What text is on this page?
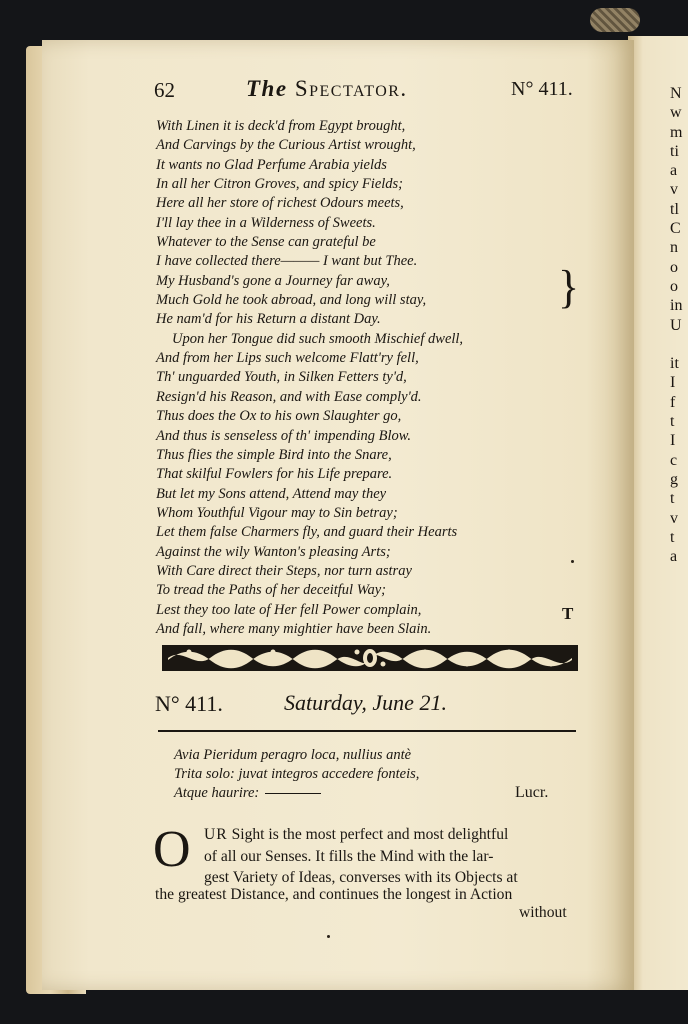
N
w
m
ti
a
v
tl
C
n
o
o
in
U
it
I
f
t
I
c
g
t
v
t
a
62	The Spectator.	N° 411.
With Linen it is deck'd from Egypt brought,
And Carvings by the Curious Artist wrought,
It wants no Glad Perfume Arabia yields
In all her Citron Groves, and spicy Fields;
Here all her store of richest Odours meets,
I'll lay thee in a Wilderness of Sweets.
Whatever to the Sense can grateful be
I have collected there——— I want but Thee.
My Husband's gone a Journey far away,
Much Gold he took abroad, and long will stay,
He nam'd for his Return a distant Day.
Upon her Tongue did such smooth Mischief dwell,
And from her Lips such welcome Flatt'ry fell,
Th' unguarded Youth, in Silken Fetters ty'd,
Resign'd his Reason, and with Ease comply'd.
Thus does the Ox to his own Slaughter go,
And thus is senseless of th' impending Blow.
Thus flies the simple Bird into the Snare,
That skilful Fowlers for his Life prepare.
But let my Sons attend, Attend may they
Whom Youthful Vigour may to Sin betray;
Let them false Charmers fly, and guard their Hearts
Against the wily Wanton's pleasing Arts;
With Care direct their Steps, nor turn astray
To tread the Paths of her deceitful Way;
Lest they too late of Her fell Power complain,
And fall, where many mightier have been Slain.
}
T
N° 411.	Saturday, June 21.
Avia Pieridum peragro loca, nullius antè
Trita solo: juvat integros accedere fonteis,
Atque haurire:	Lucr.
O UR Sight is the most perfect and most delightful

of all our Senses. It fills the Mind with the lar-

gest Variety of Ideas, converses with its Objects at

the greatest Distance, and continues the longest in Action

without
